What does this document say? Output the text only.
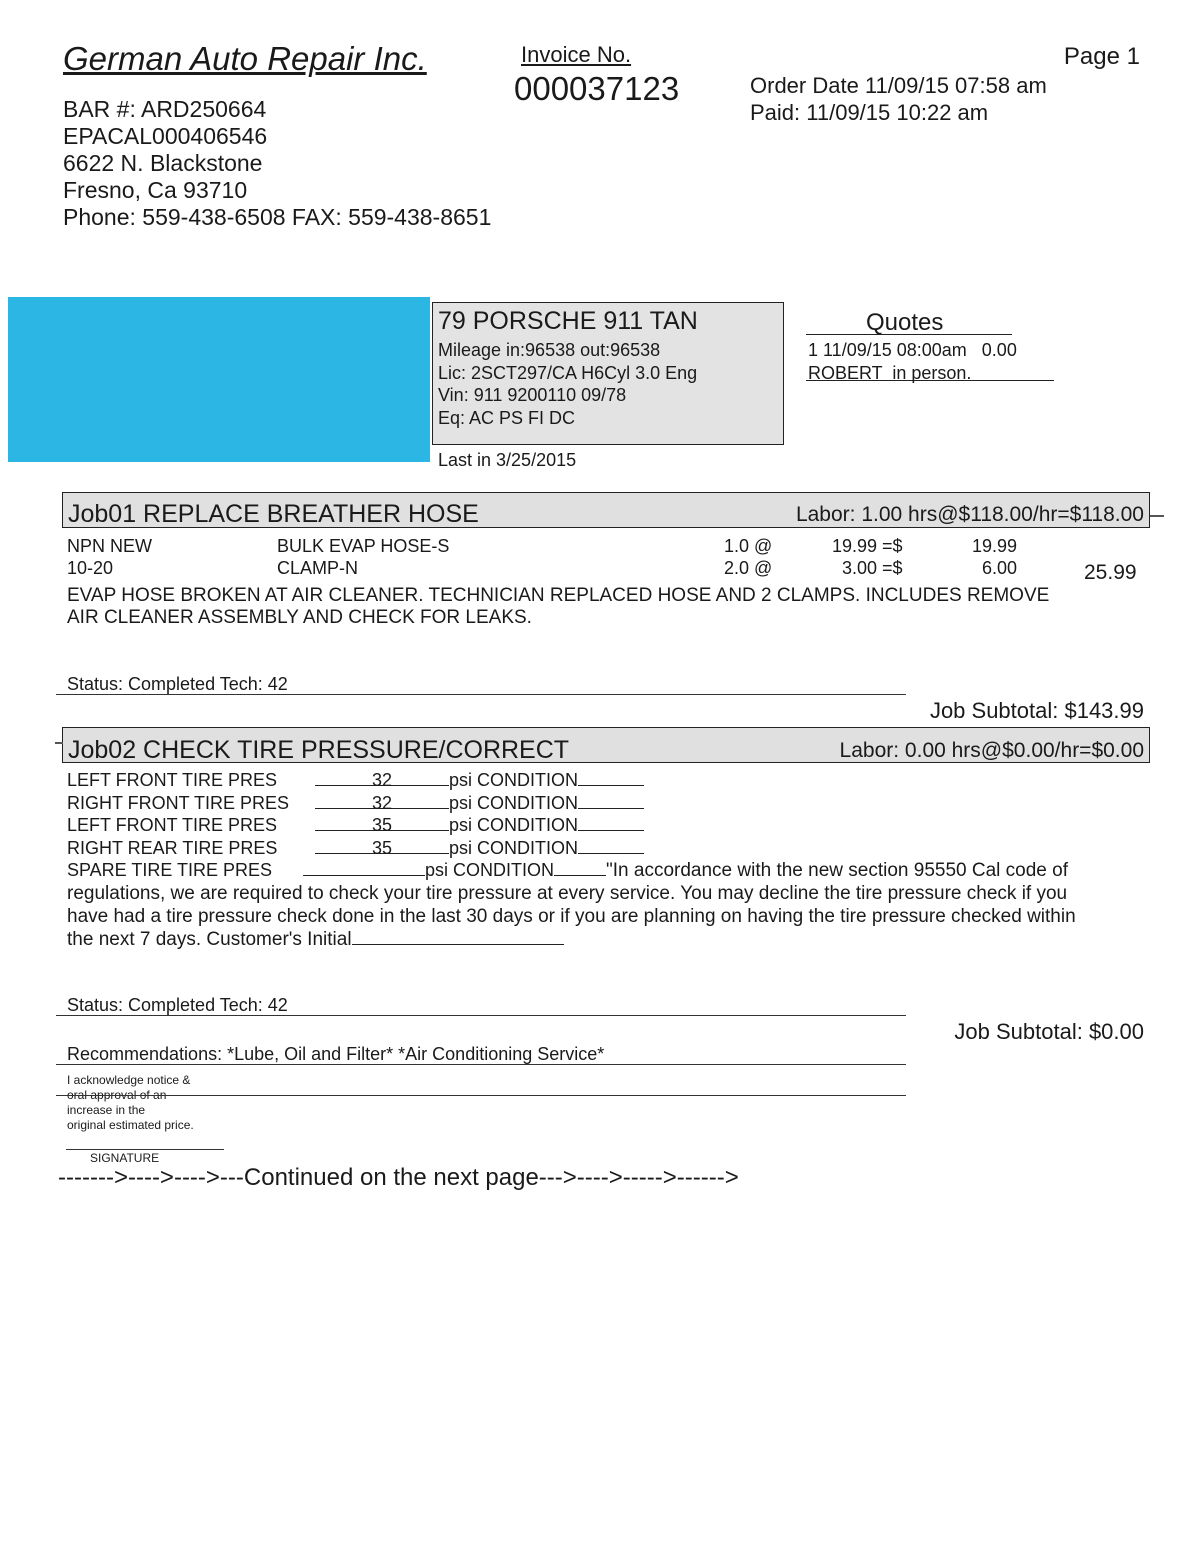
German Auto Repair Inc.
BAR #: ARD250664
EPACAL000406546
6622 N. Blackstone
Fresno, Ca 93710
Phone: 559-438-6508 FAX: 559-438-8651
Invoice No.
000037123
Page 1
Order Date 11/09/15 07:58 am
Paid: 11/09/15 10:22 am
79 PORSCHE 911 TAN
Mileage in:96538 out:96538
Lic: 2SCT297/CA H6Cyl 3.0 Eng
Vin: 911 9200110 09/78
Eq: AC PS FI DC
Last in 3/25/2015
Quotes
1 11/09/15 08:00am   0.00
ROBERT  in person.
Job01 REPLACE BREATHER HOSE	Labor: 1.00 hrs@$118.00/hr=$118.00
NPN NEW	BULK EVAP HOSE-S	1.0 @	19.99 =$	19.99
10-20	CLAMP-N	2.0 @	3.00 =$	6.00	25.99
EVAP HOSE BROKEN AT AIR CLEANER. TECHNICIAN REPLACED HOSE AND 2 CLAMPS. INCLUDES REMOVE
AIR CLEANER ASSEMBLY AND CHECK FOR LEAKS.
Status: Completed Tech: 42
Job Subtotal: $143.99
Job02 CHECK TIRE PRESSURE/CORRECT	Labor: 0.00 hrs@$0.00/hr=$0.00
LEFT FRONT TIRE PRES	32	psi CONDITION
RIGHT FRONT TIRE PRES	32	psi CONDITION
LEFT FRONT TIRE PRES	35	psi CONDITION
RIGHT REAR TIRE PRES	35	psi CONDITION
SPARE TIRE TIRE PRES	psi CONDITION	"In accordance with the new section 95550 Cal code of
regulations, we are required to check your tire pressure at every service. You may decline the tire pressure check if you
have had a tire pressure check done in the last 30 days or if you are planning on having the tire pressure checked within
the next 7 days. Customer's Initial
Status: Completed Tech: 42
Job Subtotal: $0.00
Recommendations: *Lube, Oil and Filter* *Air Conditioning Service*
I acknowledge notice &
oral approval of an
increase in the
original estimated price.
SIGNATURE
------->---->---->---Continued on the next page--->---->----->------>
